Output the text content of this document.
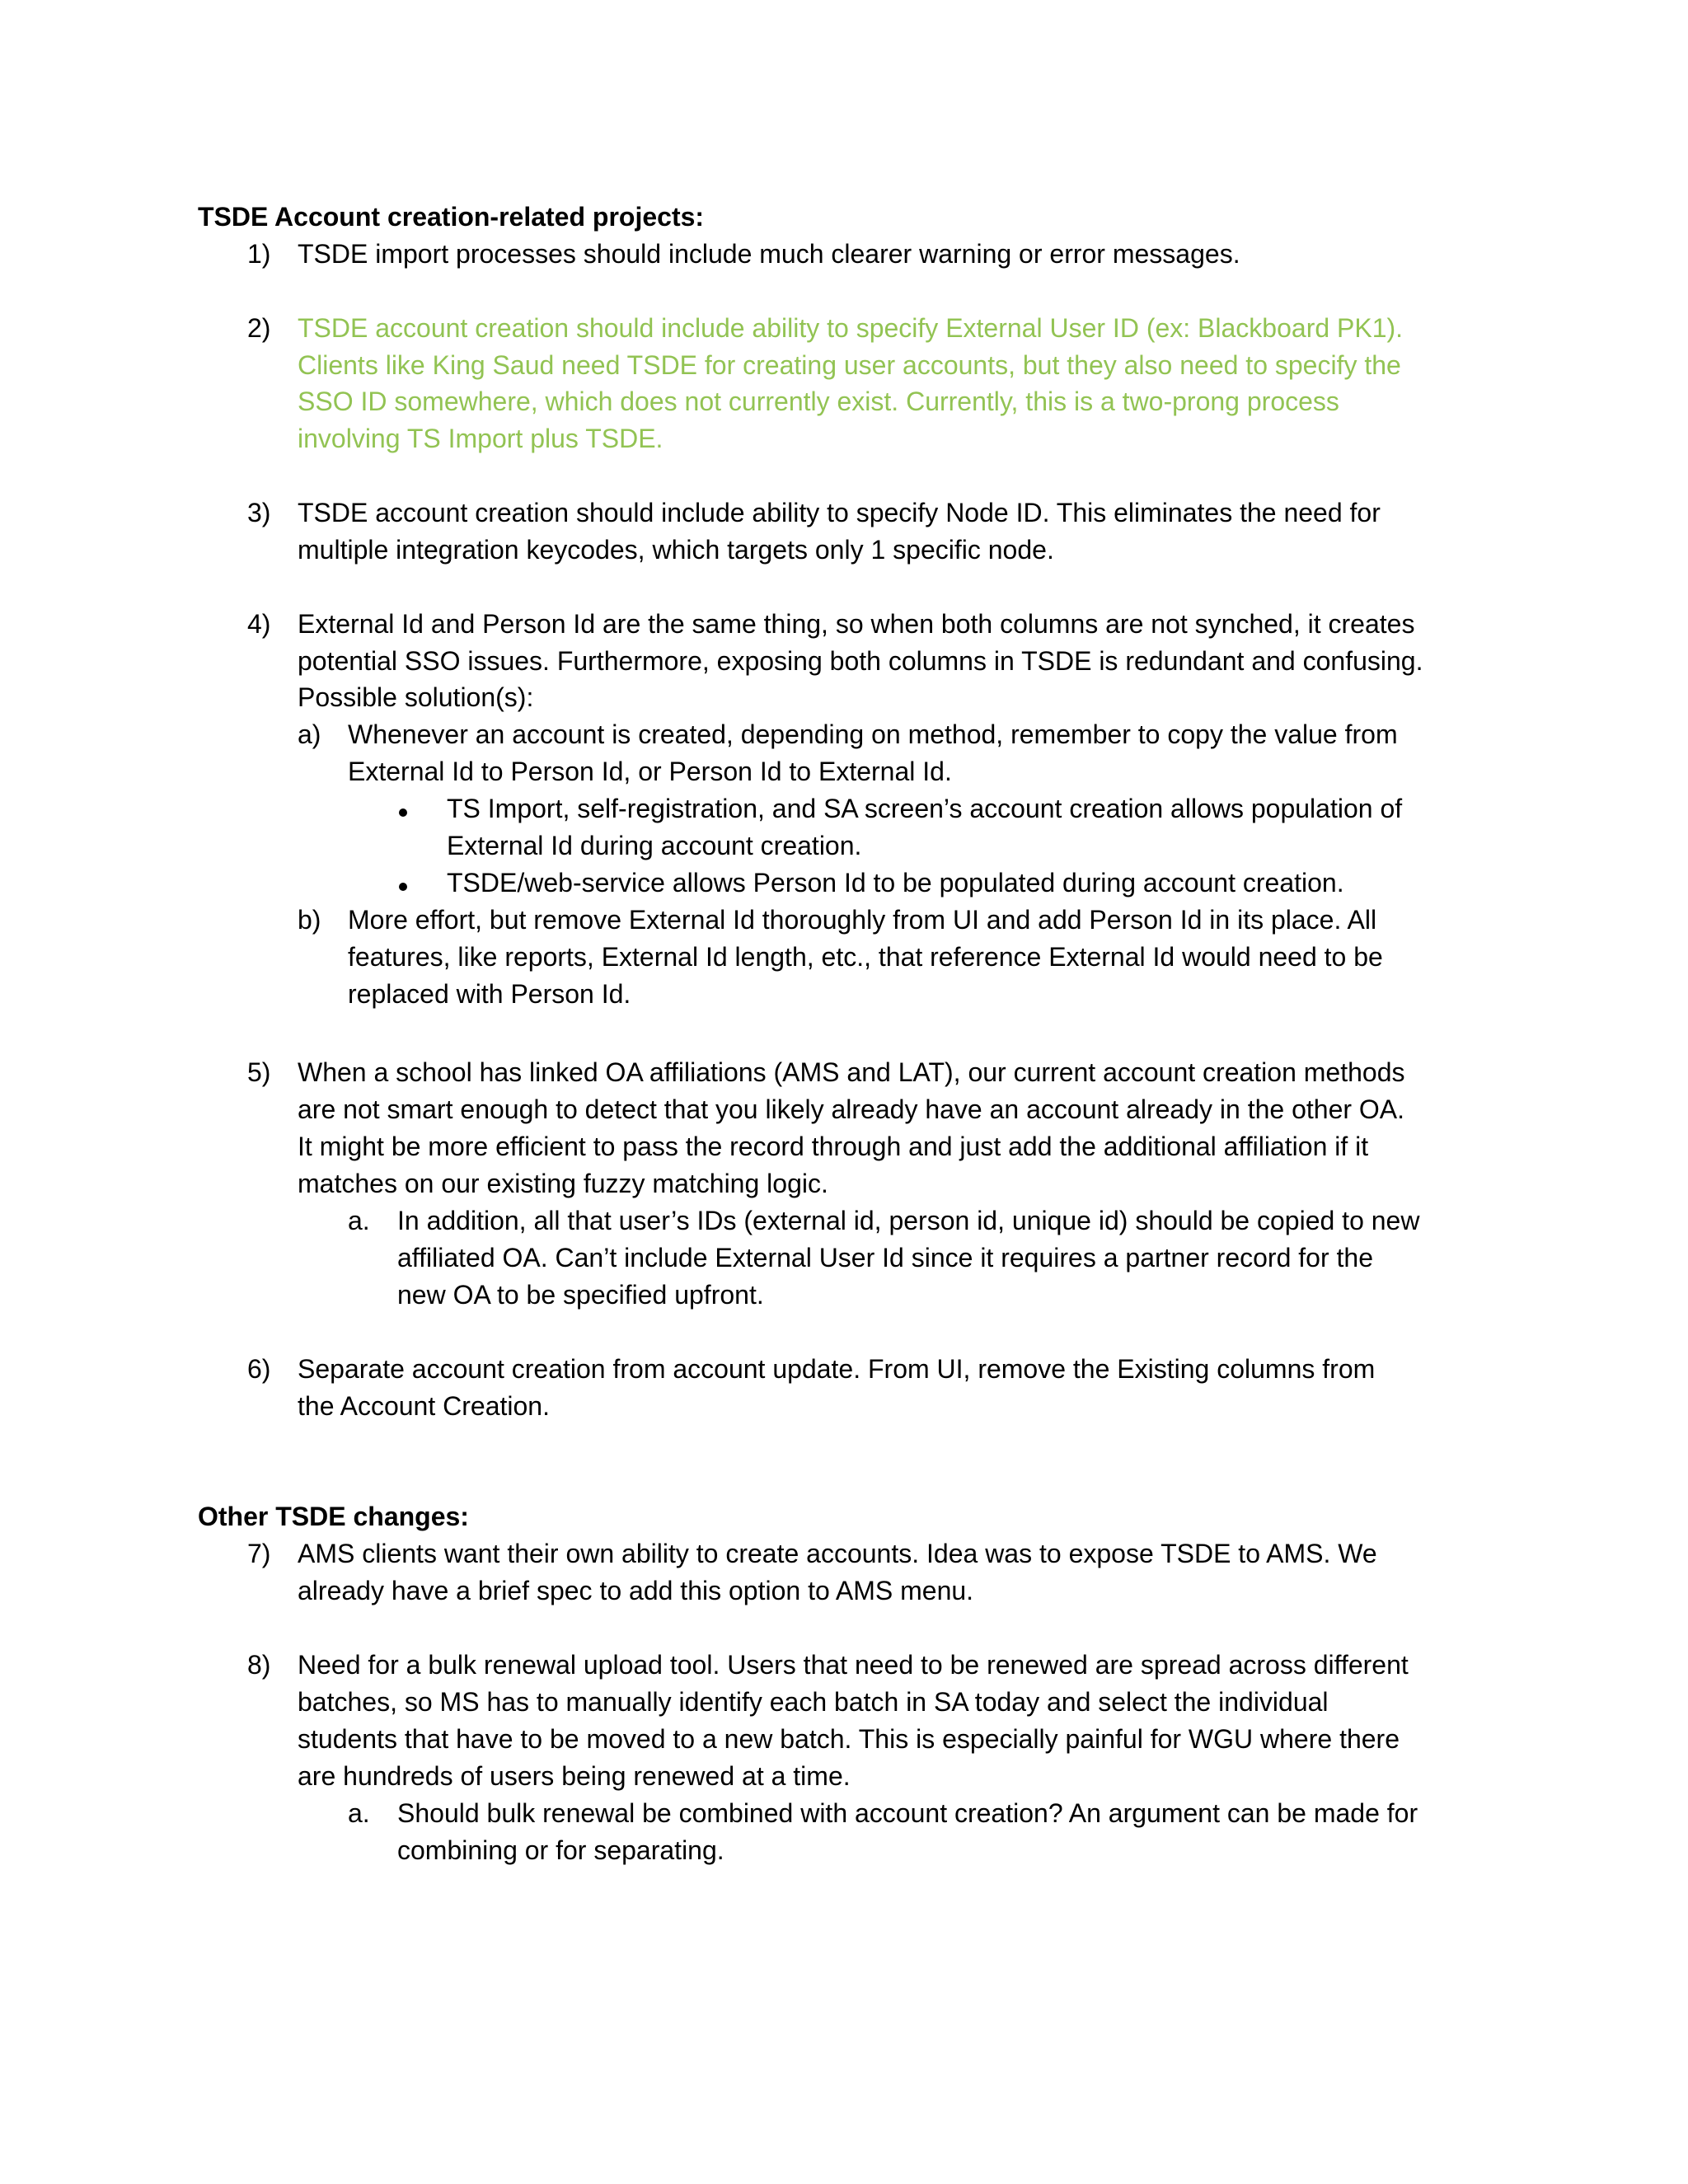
TSDE Account creation-related projects:
1) TSDE import processes should include much clearer warning or error messages.
2) TSDE account creation should include ability to specify External User ID (ex: Blackboard PK1).
Clients like King Saud need TSDE for creating user accounts, but they also need to specify the
SSO ID somewhere, which does not currently exist. Currently, this is a two-prong process
involving TS Import plus TSDE.
3) TSDE account creation should include ability to specify Node ID. This eliminates the need for
multiple integration keycodes, which targets only 1 specific node.
4) External Id and Person Id are the same thing, so when both columns are not synched, it creates
potential SSO issues. Furthermore, exposing both columns in TSDE is redundant and confusing.
Possible solution(s):
a) Whenever an account is created, depending on method, remember to copy the value from
External Id to Person Id, or Person Id to External Id.
TS Import, self-registration, and SA screen’s account creation allows population of
External Id during account creation.
TSDE/web-service allows Person Id to be populated during account creation.
b) More effort, but remove External Id thoroughly from UI and add Person Id in its place. All
features, like reports, External Id length, etc., that reference External Id would need to be
replaced with Person Id.
5) When a school has linked OA affiliations (AMS and LAT), our current account creation methods
are not smart enough to detect that you likely already have an account already in the other OA.
It might be more efficient to pass the record through and just add the additional affiliation if it
matches on our existing fuzzy matching logic.
a. In addition, all that user’s IDs (external id, person id, unique id) should be copied to new
affiliated OA. Can’t include External User Id since it requires a partner record for the
new OA to be specified upfront.
6) Separate account creation from account update. From UI, remove the Existing columns from
the Account Creation.
Other TSDE changes:
7) AMS clients want their own ability to create accounts. Idea was to expose TSDE to AMS. We
already have a brief spec to add this option to AMS menu.
8) Need for a bulk renewal upload tool. Users that need to be renewed are spread across different
batches, so MS has to manually identify each batch in SA today and select the individual
students that have to be moved to a new batch. This is especially painful for WGU where there
are hundreds of users being renewed at a time.
a. Should bulk renewal be combined with account creation? An argument can be made for
combining or for separating.
